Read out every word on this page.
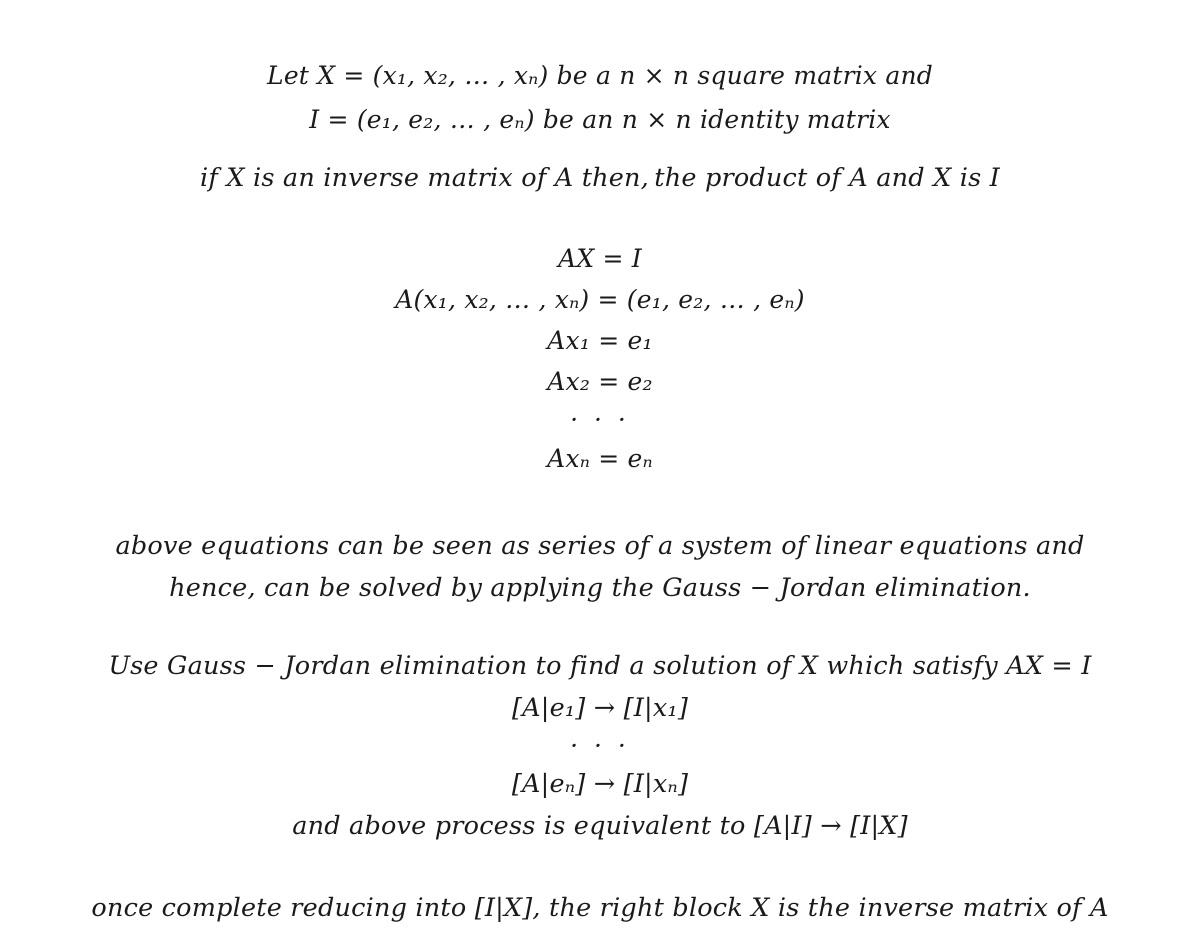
Let X = (x₁, x₂, … , xₙ) be a n × n square matrix and
I = (e₁, e₂, … , eₙ) be an n × n identity matrix
if X is an inverse matrix of A then, the product of A and X is I
AX = I
A(x₁, x₂, … , xₙ) = (e₁, e₂, … , eₙ)
Ax₁ = e₁
Ax₂ = e₂
· · ·
Axₙ = eₙ
above equations can be seen as series of a system of linear equations and
hence, can be solved by applying the Gauss − Jordan elimination.
Use Gauss − Jordan elimination to find a solution of X which satisfy AX = I
[A|e₁] → [I|x₁]
· · ·
[A|eₙ] → [I|xₙ]
and above process is equivalent to [A|I] → [I|X]
once complete reducing into [I|X], the right block X is the inverse matrix of A
